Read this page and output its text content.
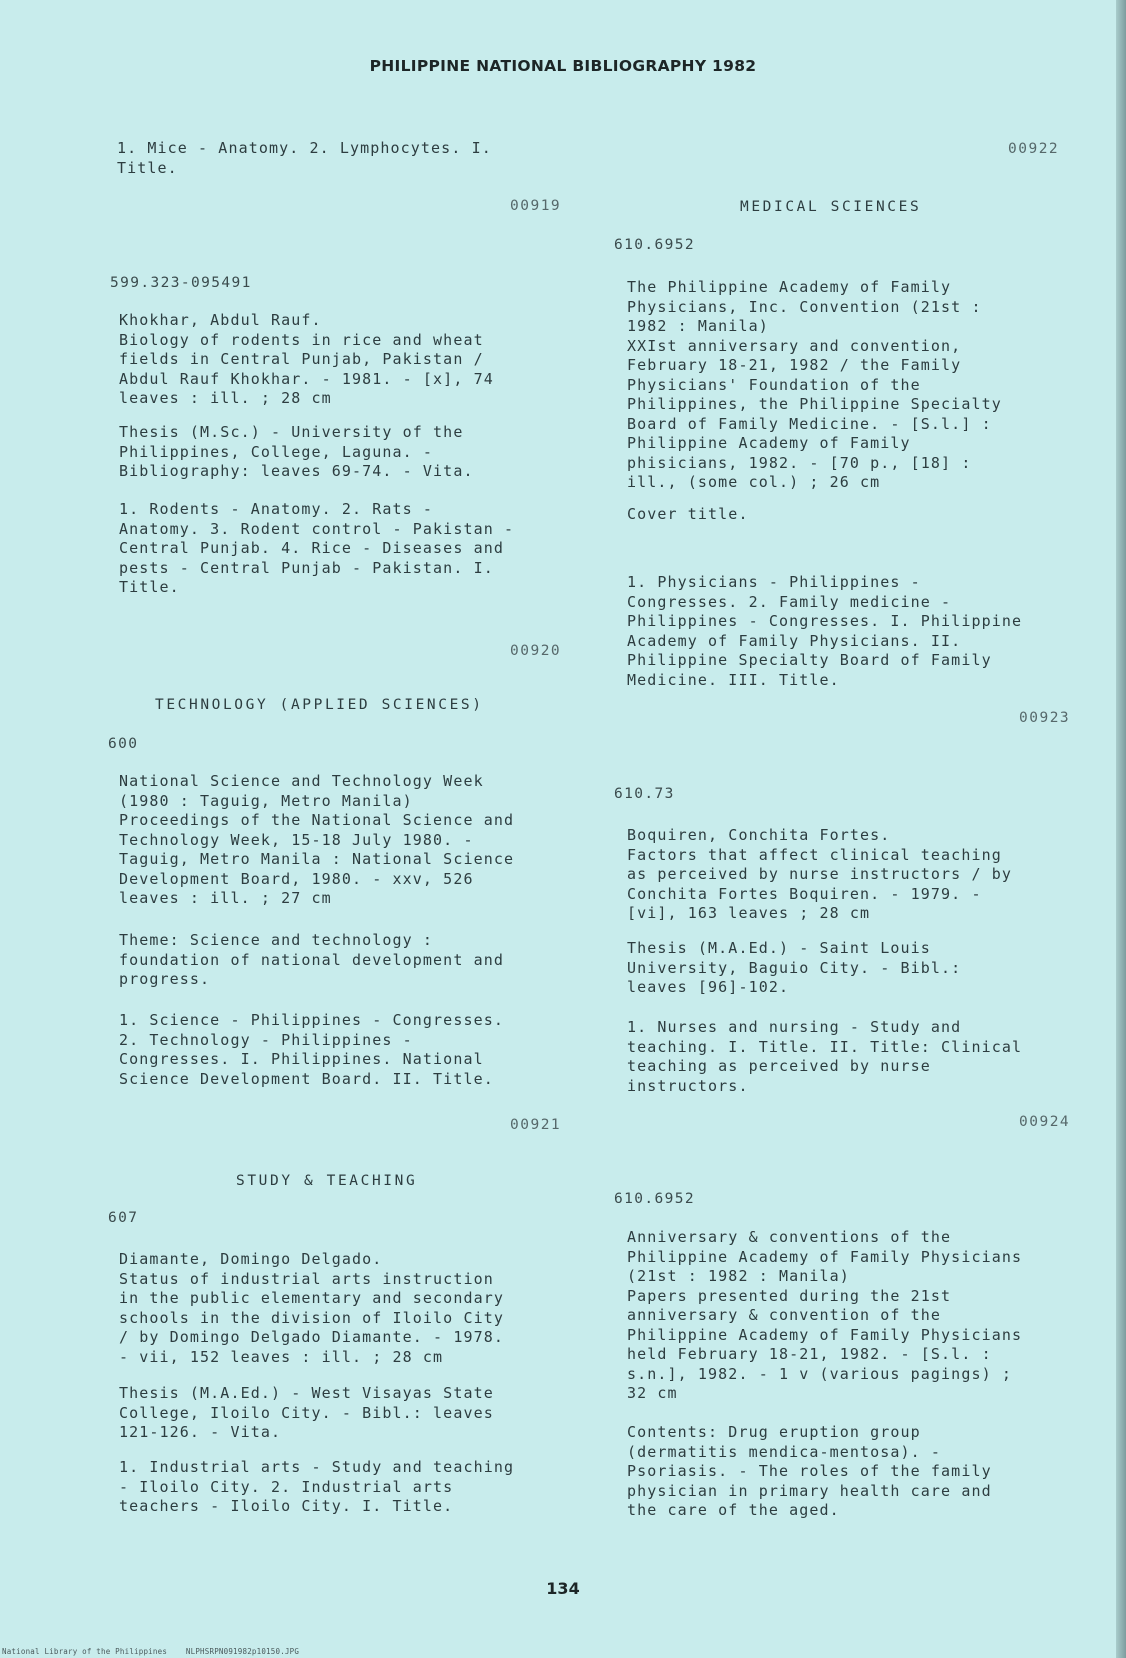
PHILIPPINE NATIONAL BIBLIOGRAPHY 1982

1. Mice - Anatomy. 2. Lymphocytes. I.
Title.

00919

599.323-095491

Khokhar, Abdul Rauf.
Biology of rodents in rice and wheat
fields in Central Punjab, Pakistan /
Abdul Rauf Khokhar. - 1981. - [x], 74
leaves : ill. ; 28 cm

Thesis (M.Sc.) - University of the
Philippines, College, Laguna. -
Bibliography: leaves 69-74. - Vita.

1. Rodents - Anatomy. 2. Rats -
Anatomy. 3. Rodent control - Pakistan -
Central Punjab. 4. Rice - Diseases and
pests - Central Punjab - Pakistan. I.
Title.

00920

TECHNOLOGY (APPLIED SCIENCES)

600

National Science and Technology Week
(1980 : Taguig, Metro Manila)
Proceedings of the National Science and
Technology Week, 15-18 July 1980. -
Taguig, Metro Manila : National Science
Development Board, 1980. - xxv, 526
leaves : ill. ; 27 cm

Theme: Science and technology :
foundation of national development and
progress.

1. Science - Philippines - Congresses.
2. Technology - Philippines -
Congresses. I. Philippines. National
Science Development Board. II. Title.

00921

STUDY & TEACHING

607

Diamante, Domingo Delgado.
Status of industrial arts instruction
in the public elementary and secondary
schools in the division of Iloilo City
/ by Domingo Delgado Diamante. - 1978.
- vii, 152 leaves : ill. ; 28 cm

Thesis (M.A.Ed.) - West Visayas State
College, Iloilo City. - Bibl.: leaves
121-126. - Vita.

1. Industrial arts - Study and teaching
- Iloilo City. 2. Industrial arts
teachers - Iloilo City. I. Title.

00922

MEDICAL SCIENCES

610.6952

The Philippine Academy of Family
Physicians, Inc. Convention (21st :
1982 : Manila)
XXIst anniversary and convention,
February 18-21, 1982 / the Family
Physicians' Foundation of the
Philippines, the Philippine Specialty
Board of Family Medicine. - [S.l.] :
Philippine Academy of Family
phisicians, 1982. - [70 p., [18] :
ill., (some col.) ; 26 cm

Cover title.

1. Physicians - Philippines -
Congresses. 2. Family medicine -
Philippines - Congresses. I. Philippine
Academy of Family Physicians. II.
Philippine Specialty Board of Family
Medicine. III. Title.

00923

610.73

Boquiren, Conchita Fortes.
Factors that affect clinical teaching
as perceived by nurse instructors / by
Conchita Fortes Boquiren. - 1979. -
[vi], 163 leaves ; 28 cm

Thesis (M.A.Ed.) - Saint Louis
University, Baguio City. - Bibl.:
leaves [96]-102.

1. Nurses and nursing - Study and
teaching. I. Title. II. Title: Clinical
teaching as perceived by nurse
instructors.

00924

610.6952

Anniversary & conventions of the
Philippine Academy of Family Physicians
(21st : 1982 : Manila)
Papers presented during the 21st
anniversary & convention of the
Philippine Academy of Family Physicians
held February 18-21, 1982. - [S.l. :
s.n.], 1982. - 1 v (various pagings) ;
32 cm

Contents: Drug eruption group
(dermatitis mendica-mentosa). -
Psoriasis. - The roles of the family
physician in primary health care and
the care of the aged.

134
National Library of the Philippines    NLPHSRPN091982p10150.JPG
